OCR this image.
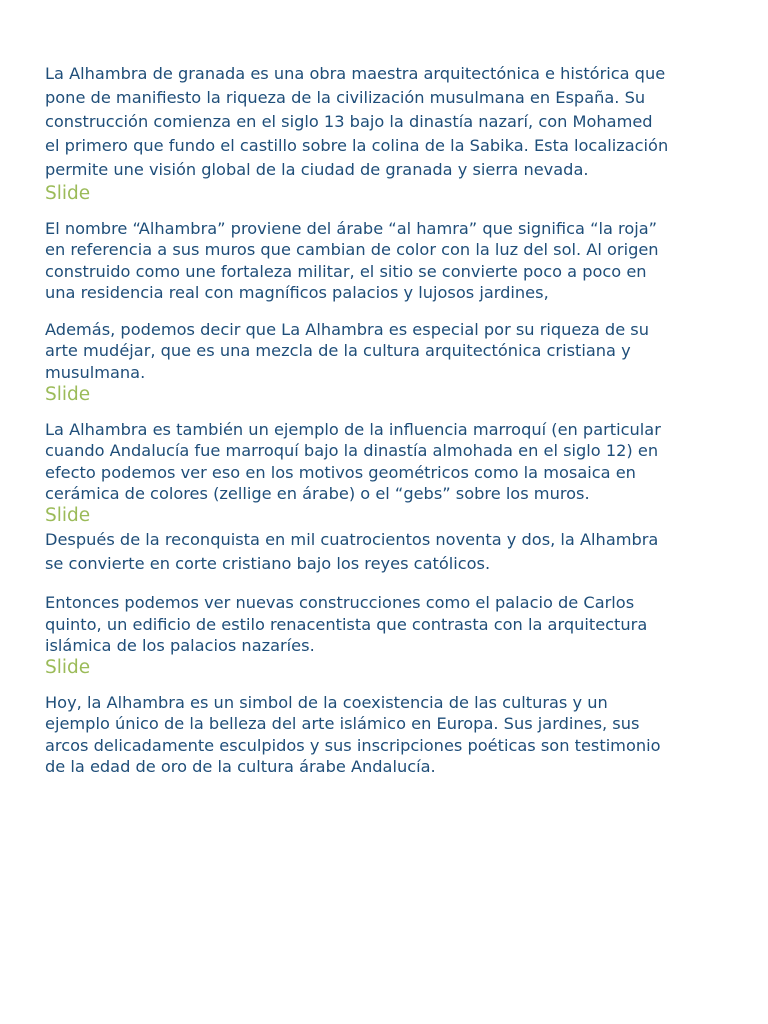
La Alhambra de granada es una obra maestra arquitectónica e histórica que
pone de manifiesto la riqueza de la civilización musulmana en España. Su
construcción comienza en el siglo 13 bajo la dinastía nazarí, con Mohamed
el primero que fundo el castillo sobre la colina de la Sabika. Esta localización
permite une visión global de la ciudad de granada y sierra nevada.

Slide

El nombre “Alhambra” proviene del árabe “al hamra” que significa “la roja”
en referencia a sus muros que cambian de color con la luz del sol. Al origen
construido como une fortaleza militar, el sitio se convierte poco a poco en
una residencia real con magníficos palacios y lujosos jardines,

Además, podemos decir que La Alhambra es especial por su riqueza de su
arte mudéjar, que es una mezcla de la cultura arquitectónica cristiana y
musulmana.

Slide

La Alhambra es también un ejemplo de la influencia marroquí (en particular
cuando Andalucía fue marroquí bajo la dinastía almohada en el siglo 12) en
efecto podemos ver eso en los motivos geométricos como la mosaica en
cerámica de colores (zellige en árabe) o el “gebs” sobre los muros.

Slide

Después de la reconquista en mil cuatrocientos noventa y dos, la Alhambra
se convierte en corte cristiano bajo los reyes católicos.

Entonces podemos ver nuevas construcciones como el palacio de Carlos
quinto, un edificio de estilo renacentista que contrasta con la arquitectura
islámica de los palacios nazaríes.

Slide

Hoy, la Alhambra es un simbol de la coexistencia de las culturas y un
ejemplo único de la belleza del arte islámico en Europa. Sus jardines, sus
arcos delicadamente esculpidos y sus inscripciones poéticas son testimonio
de la edad de oro de la cultura árabe Andalucía.
